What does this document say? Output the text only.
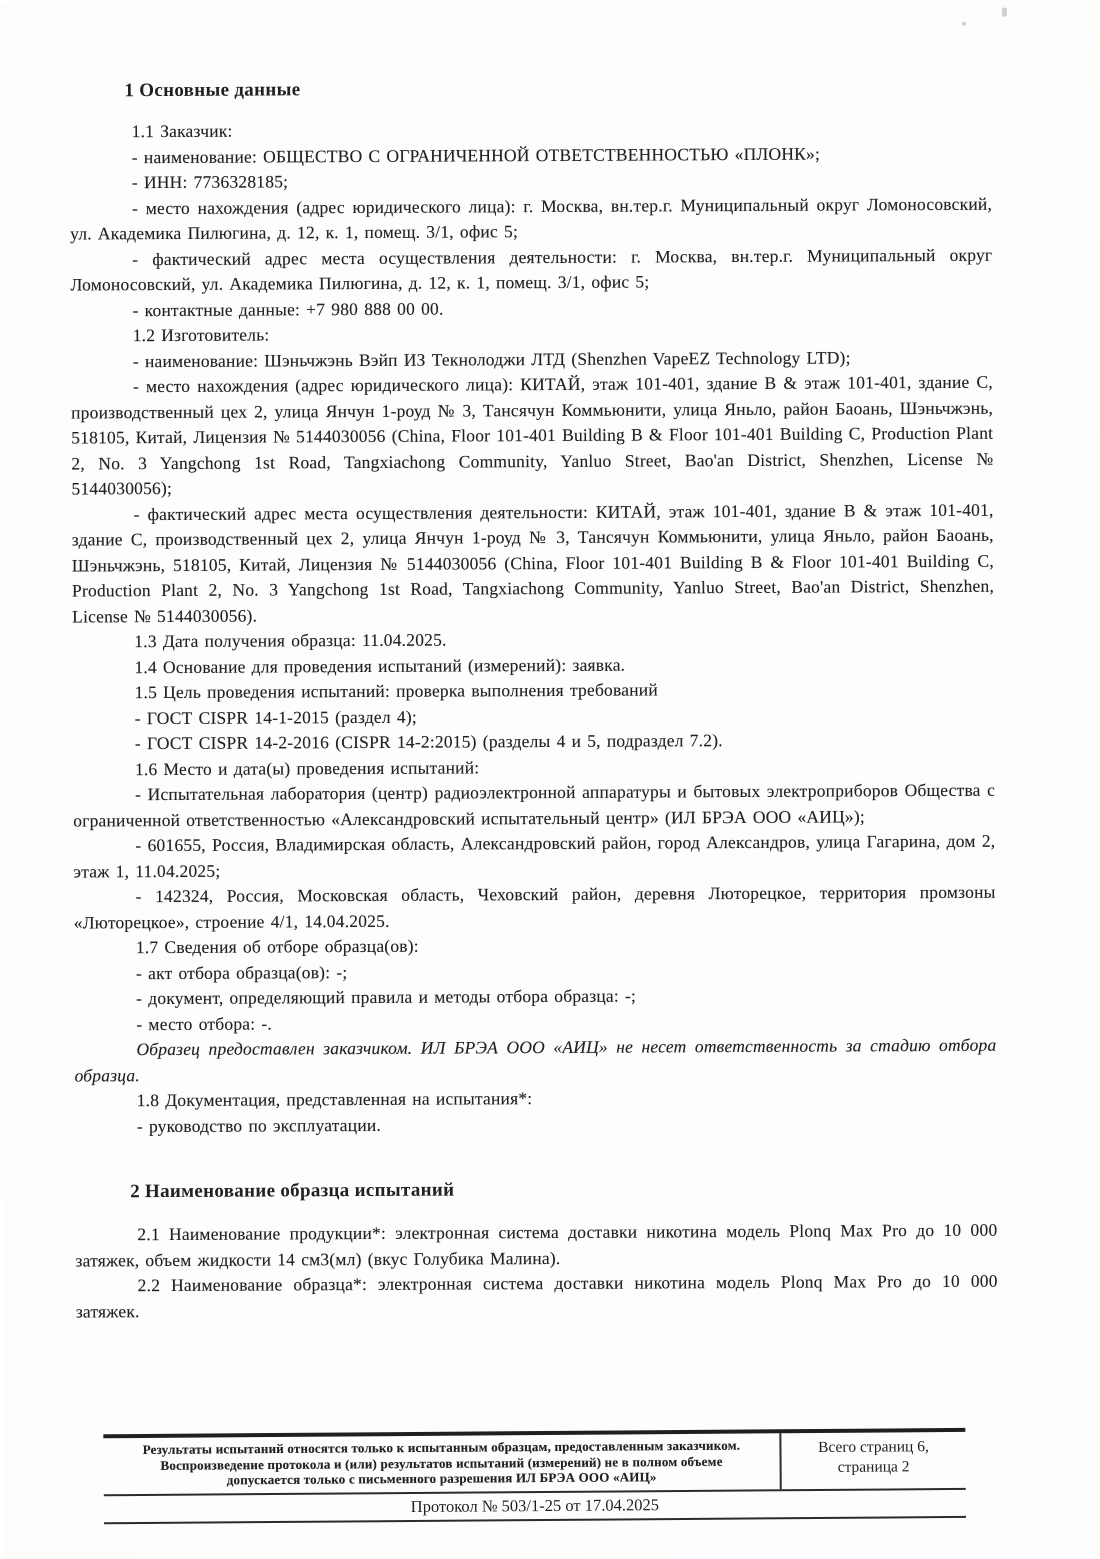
1 Основные данные

1.1 Заказчик:

- наименование: ОБЩЕСТВО С ОГРАНИЧЕННОЙ ОТВЕТСТВЕННОСТЬЮ «ПЛОНК»;

- ИНН: 7736328185;

- место нахождения (адрес юридического лица): г. Москва, вн.тер.г. Муниципальный округ Ломоносовский, ул. Академика Пилюгина, д. 12, к. 1, помещ. 3/1, офис 5;

- фактический адрес места осуществления деятельности: г. Москва, вн.тер.г. Муниципальный округ Ломоносовский, ул. Академика Пилюгина, д. 12, к. 1, помещ. 3/1, офис 5;

- контактные данные: +7 980 888 00 00.

1.2 Изготовитель:

- наименование: Шэньчжэнь Вэйп ИЗ Текнолоджи ЛТД (Shenzhen VapeEZ Technology LTD);

- место нахождения (адрес юридического лица): КИТАЙ, этаж 101-401, здание B & этаж 101-401, здание C, производственный цех 2, улица Янчун 1-роуд № 3, Тансячун Коммьюнити, улица Яньло, район Баоань, Шэньчжэнь, 518105, Китай, Лицензия № 5144030056 (China, Floor 101-401 Building B & Floor 101-401 Building C, Production Plant 2, No. 3 Yangchong 1st Road, Tangxiachong Community, Yanluo Street, Bao'an District, Shenzhen, License № 5144030056);

- фактический адрес места осуществления деятельности: КИТАЙ, этаж 101-401, здание B & этаж 101-401, здание C, производственный цех 2, улица Янчун 1-роуд № 3, Тансячун Коммьюнити, улица Яньло, район Баоань, Шэньчжэнь, 518105, Китай, Лицензия № 5144030056 (China, Floor 101-401 Building B & Floor 101-401 Building C, Production Plant 2, No. 3 Yangchong 1st Road, Tangxiachong Community, Yanluo Street, Bao'an District, Shenzhen, License № 5144030056).

1.3 Дата получения образца: 11.04.2025.

1.4 Основание для проведения испытаний (измерений): заявка.

1.5 Цель проведения испытаний: проверка выполнения требований

- ГОСТ CISPR 14-1-2015 (раздел 4);

- ГОСТ CISPR 14-2-2016 (CISPR 14-2:2015) (разделы 4 и 5, подраздел 7.2).

1.6 Место и дата(ы) проведения испытаний:

- Испытательная лаборатория (центр) радиоэлектронной аппаратуры и бытовых электроприборов Общества с ограниченной ответственностью «Александровский испытательный центр» (ИЛ БРЭА ООО «АИЦ»);

- 601655, Россия, Владимирская область, Александровский район, город Александров, улица Гагарина, дом 2, этаж 1, 11.04.2025;

- 142324, Россия, Московская область, Чеховский район, деревня Люторецкое, территория промзоны «Люторецкое», строение 4/1, 14.04.2025.

1.7 Сведения об отборе образца(ов):

- акт отбора образца(ов): -;

- документ, определяющий правила и методы отбора образца: -;

- место отбора: -.

Образец предоставлен заказчиком. ИЛ БРЭА ООО «АИЦ» не несет ответственность за стадию отбора образца.

1.8 Документация, представленная на испытания*:

- руководство по эксплуатации.

2 Наименование образца испытаний

2.1 Наименование продукции*: электронная система доставки никотина модель Plonq Max Pro до 10 000 затяжек, объем жидкости 14 см3(мл) (вкус Голубика Малина).

2.2 Наименование образца*: электронная система доставки никотина модель Plonq Max Pro до 10 000 затяжек.

Результаты испытаний относятся только к испытанным образцам, предоставленным заказчиком.
Воспроизведение протокола и (или) результатов испытаний (измерений) не в полном объеме
допускается только с письменного разрешения ИЛ БРЭА ООО «АИЦ»
Всего страниц 6,
страница 2
Протокол № 503/1-25 от 17.04.2025
